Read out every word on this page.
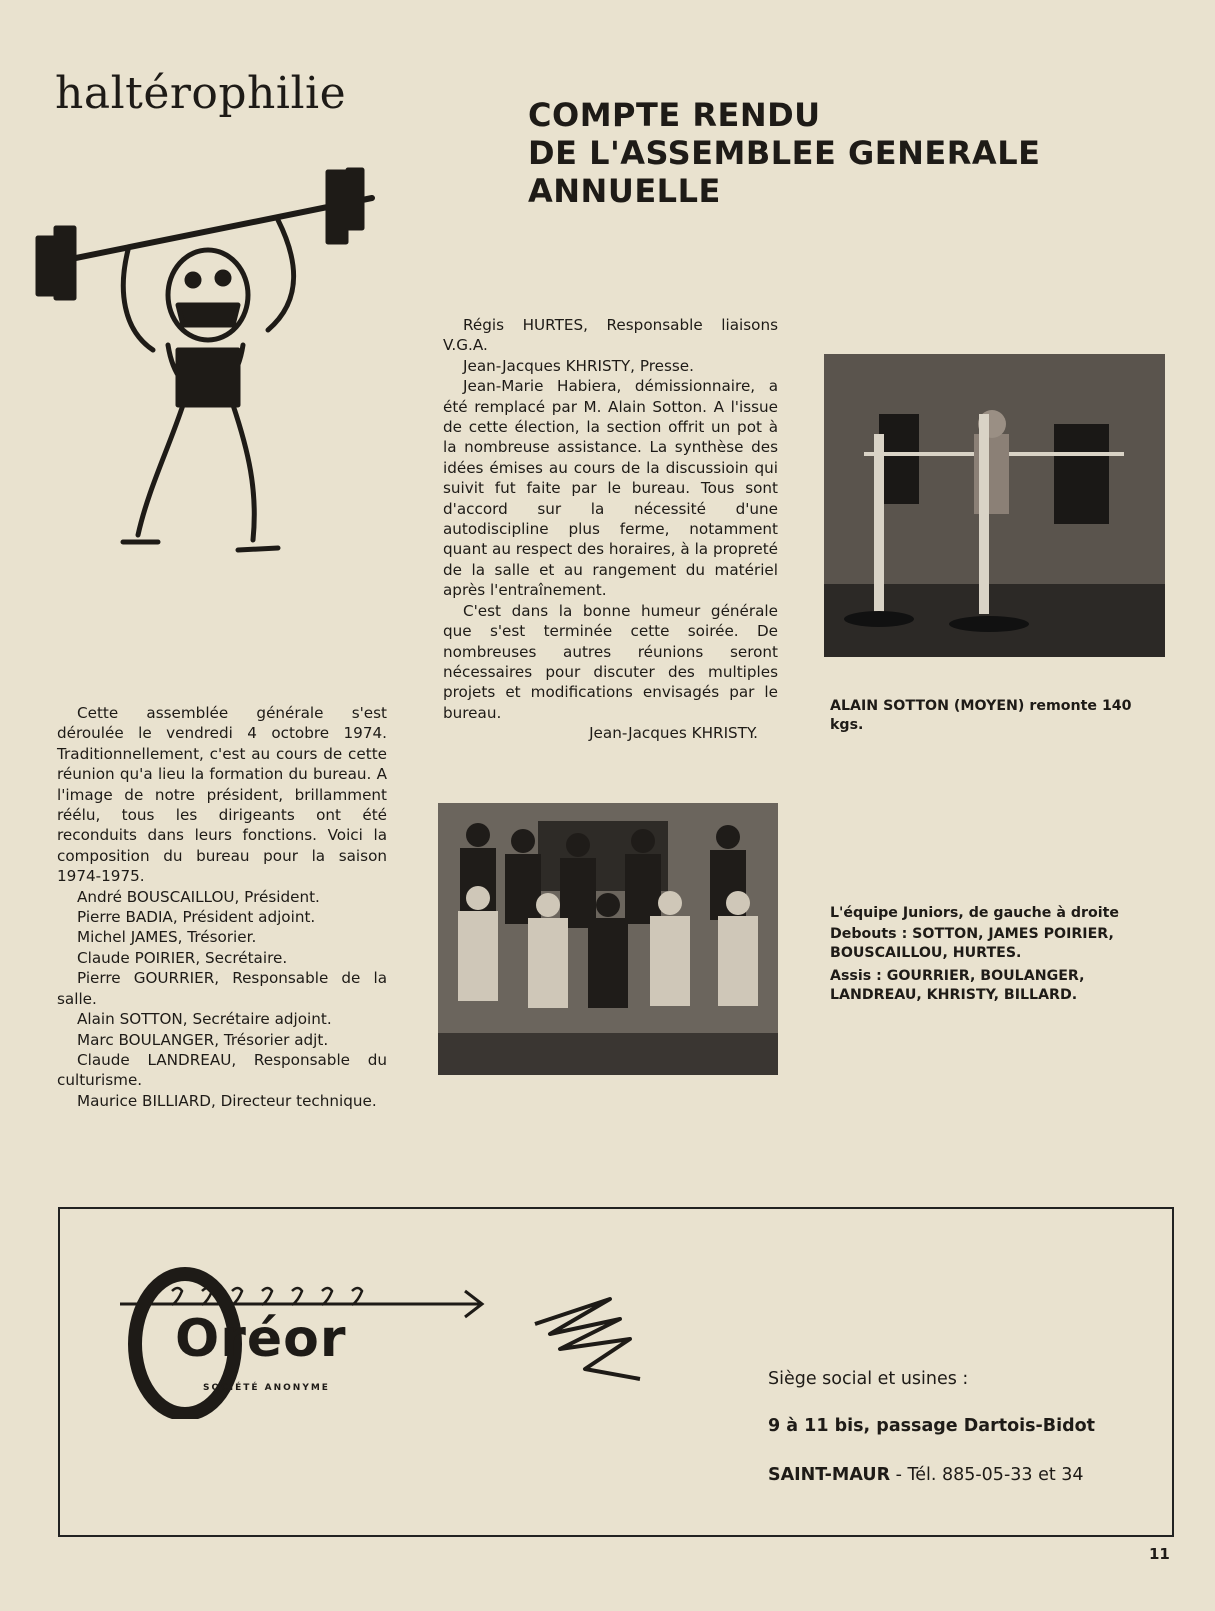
haltérophilie	COMPTE RENDU
DE L'ASSEMBLEE GENERALE
ANNUELLE

Cette assemblée générale s'est déroulée le vendredi 4 octobre 1974. Traditionnellement, c'est au cours de cette réunion qu'a lieu la formation du bureau. A l'image de notre président, brillamment réélu, tous les dirigeants ont été reconduits dans leurs fonctions. Voici la composition du bureau pour la saison 1974-1975.

André BOUSCAILLOU, Président.

Pierre BADIA, Président adjoint.

Michel JAMES, Trésorier.

Claude POIRIER, Secrétaire.

Pierre GOURRIER, Responsable de la salle.

Alain SOTTON, Secrétaire adjoint.

Marc BOULANGER, Trésorier adjt.

Claude LANDREAU, Responsable du culturisme.

Maurice BILLIARD, Directeur technique.

Régis HURTES, Responsable liaisons V.G.A.

Jean-Jacques KHRISTY, Presse.

Jean-Marie Habiera, démissionnaire, a été remplacé par M. Alain Sotton. A l'issue de cette élection, la section offrit un pot à la nombreuse assistance. La synthèse des idées émises au cours de la discussioin qui suivit fut faite par le bureau. Tous sont d'accord sur la nécessité d'une autodiscipline plus ferme, notamment quant au respect des horaires, à la propreté de la salle et au rangement du matériel après l'entraînement.

C'est dans la bonne humeur générale que s'est terminée cette soirée. De nombreuses autres réunions seront nécessaires pour discuter des multiples projets et modifications envisagés par le bureau.

Jean-Jacques KHRISTY.

ALAIN SOTTON (MOYEN) remonte 140 kgs.
L'équipe Juniors, de gauche à droite
Debouts : SOTTON, JAMES POIRIER, BOUSCAILLOU, HURTES.
Assis : GOURRIER, BOULANGER, LANDREAU, KHRISTY, BILLARD.
Oréor
SOCIÉTÉ ANONYME	Siège social et usines :
9 à 11 bis, passage Dartois-Bidot
SAINT-MAUR - Tél. 885-05-33 et 34
11
